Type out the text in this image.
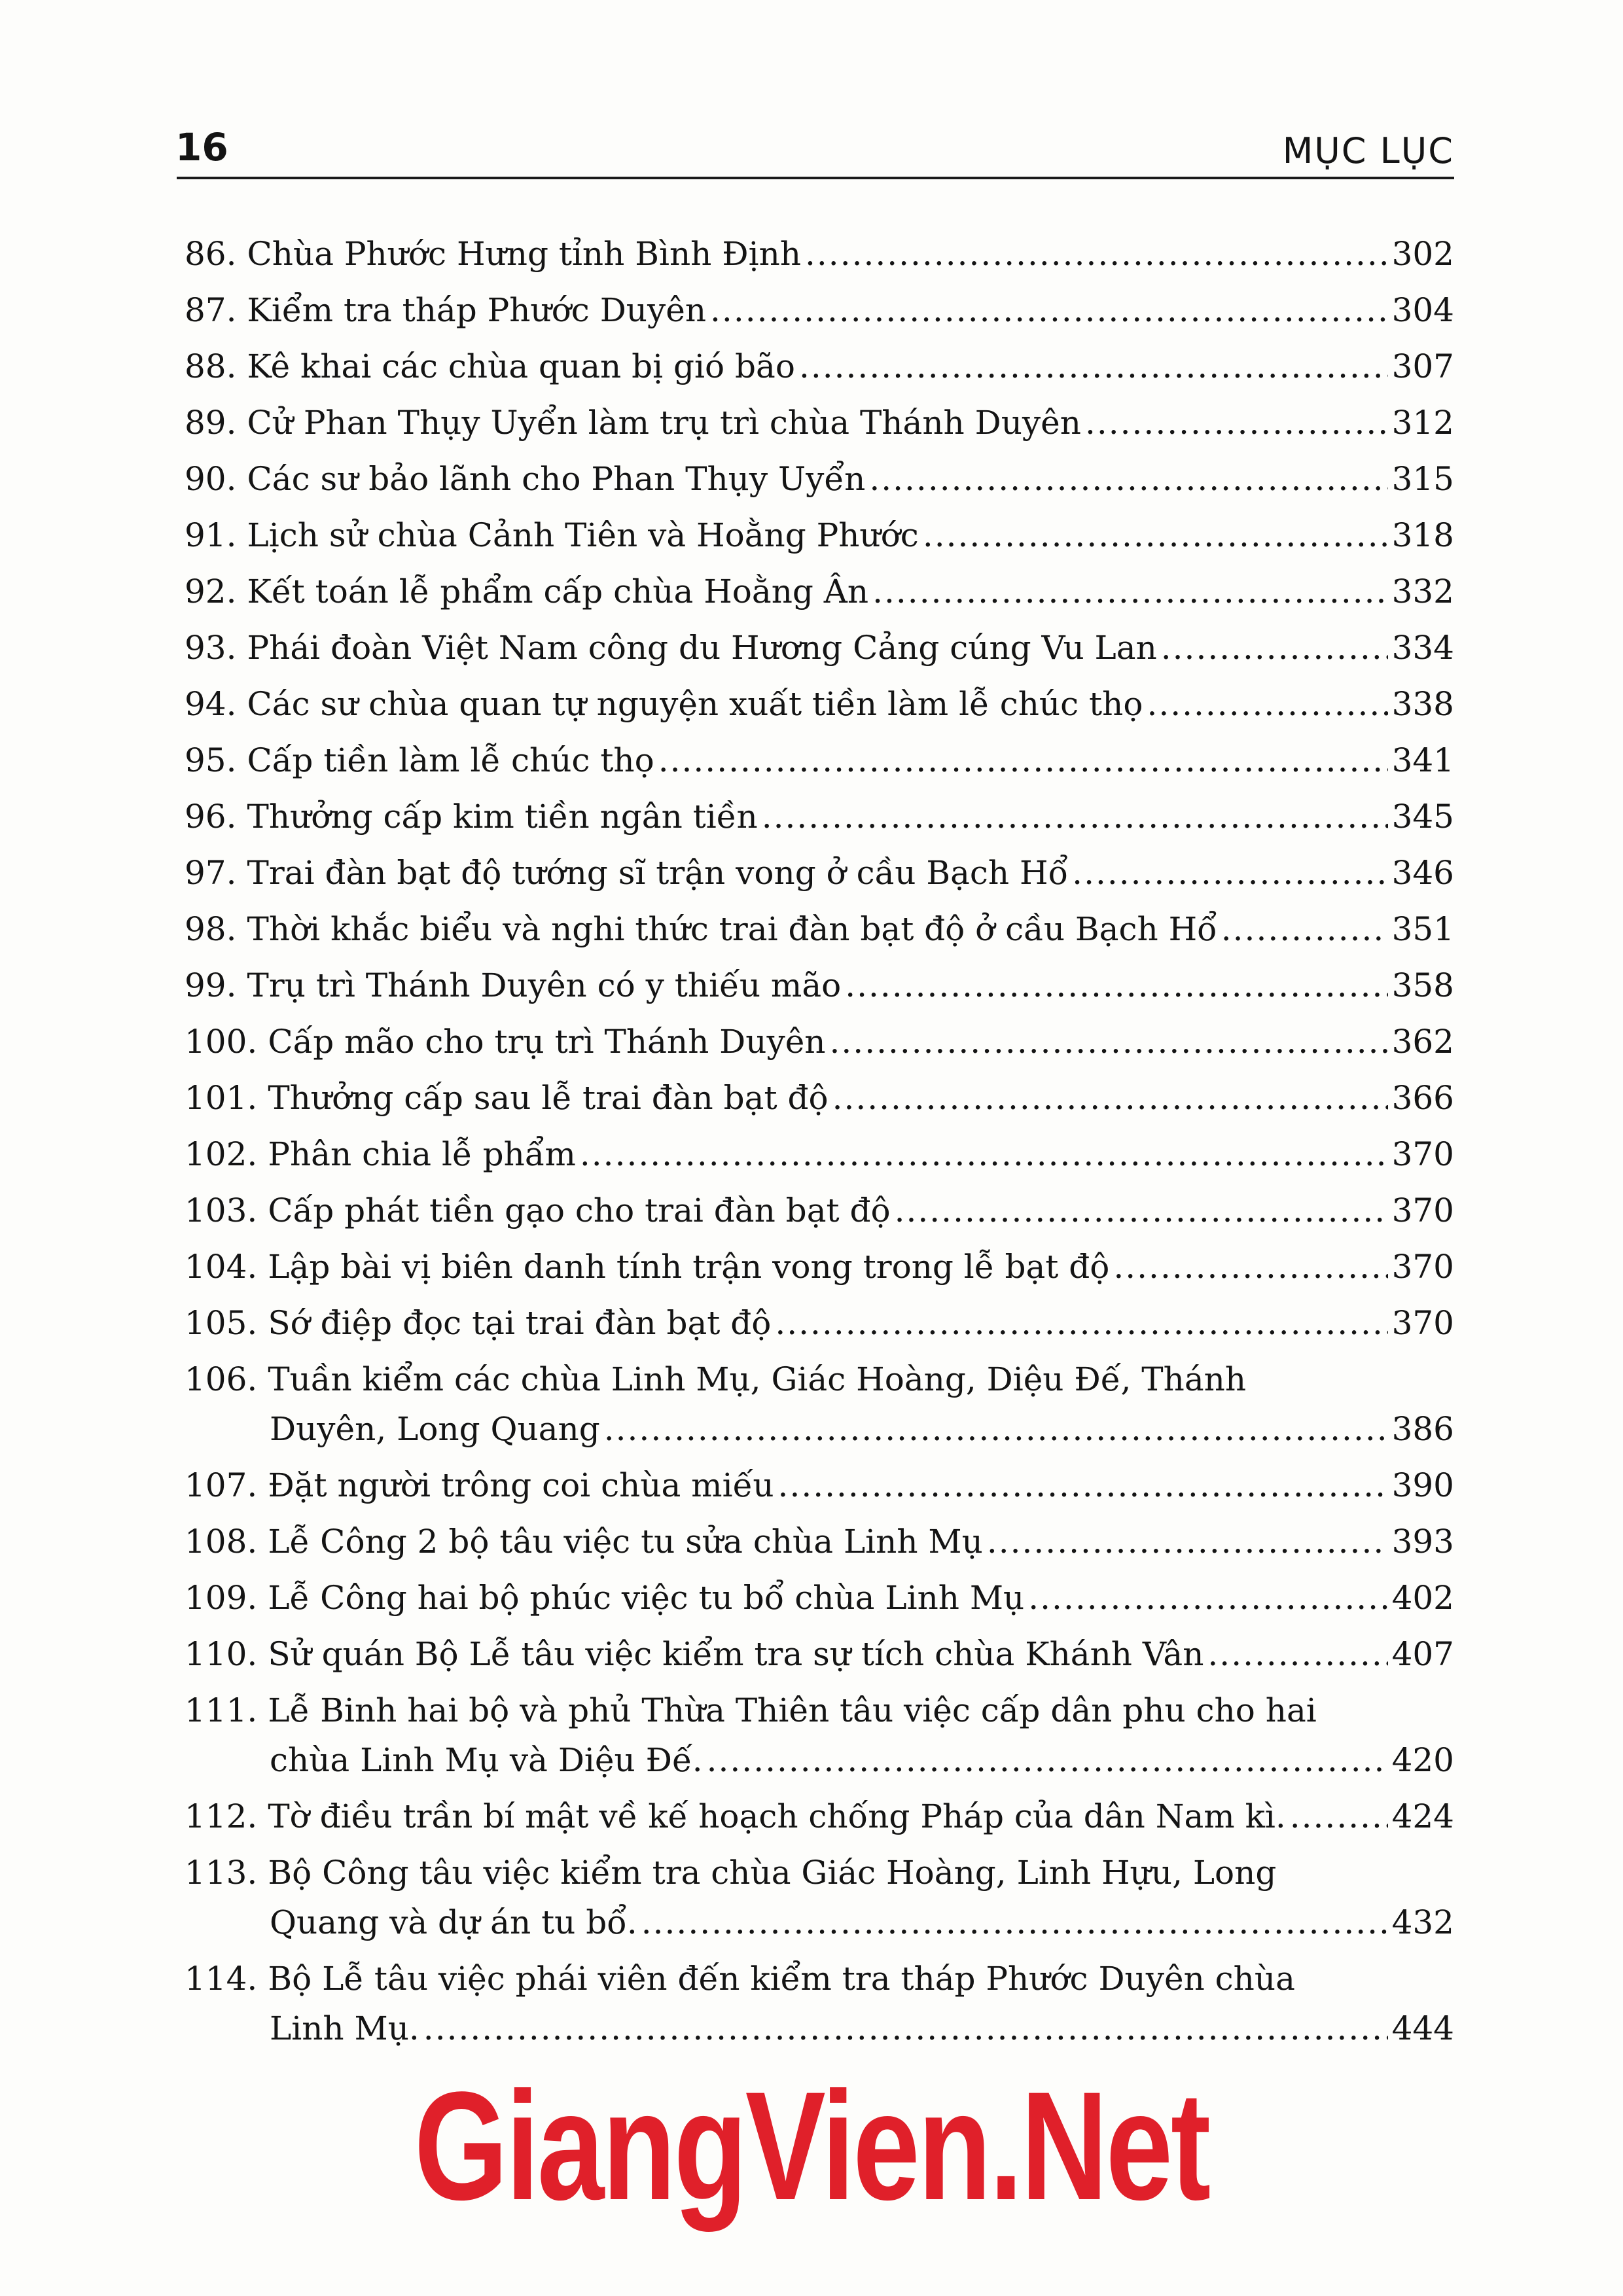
16	MỤC LỤC
86. Chùa Phước Hưng tỉnh Bình Định .....	302
87. Kiểm tra tháp Phước Duyên .....	304
88. Kê khai các chùa quan bị gió bão .....	307
89. Cử Phan Thụy Uyển làm trụ trì chùa Thánh Duyên .....	312
90. Các sư bảo lãnh cho Phan Thụy Uyển .....	315
91. Lịch sử chùa Cảnh Tiên và Hoằng Phước .....	318
92. Kết toán lễ phẩm cấp chùa Hoằng Ân .....	332
93. Phái đoàn Việt Nam công du Hương Cảng cúng Vu Lan .....	334
94. Các sư chùa quan tự nguyện xuất tiền làm lễ chúc thọ .....	338
95. Cấp tiền làm lễ chúc thọ .....	341
96. Thưởng cấp kim tiền ngân tiền .....	345
97. Trai đàn bạt độ tướng sĩ trận vong ở cầu Bạch Hổ .....	346
98. Thời khắc biểu và nghi thức trai đàn bạt độ ở cầu Bạch Hổ .....	351
99. Trụ trì Thánh Duyên có y thiếu mão .....	358
100. Cấp mão cho trụ trì Thánh Duyên .....	362
101. Thưởng cấp sau lễ trai đàn bạt độ .....	366
102. Phân chia lễ phẩm .....	370
103. Cấp phát tiền gạo cho trai đàn bạt độ .....	370
104. Lập bài vị biên danh tính trận vong trong lễ bạt độ .....	370
105. Sớ điệp đọc tại trai đàn bạt độ .....	370
106. Tuần kiểm các chùa Linh Mụ, Giác Hoàng, Diệu Đế, Thánh
Duyên, Long Quang .....	386
107. Đặt người trông coi chùa miếu .....	390
108. Lễ Công 2 bộ tâu việc tu sửa chùa Linh Mụ .....	393
109. Lễ Công hai bộ phúc việc tu bổ chùa Linh Mụ .....	402
110. Sử quán Bộ Lễ tâu việc kiểm tra sự tích chùa Khánh Vân .....	407
111. Lễ Binh hai bộ và phủ Thừa Thiên tâu việc cấp dân phu cho hai
chùa Linh Mụ và Diệu Đế. .....	420
112. Tờ điều trần bí mật về kế hoạch chống Pháp của dân Nam kì. .....	424
113. Bộ Công tâu việc kiểm tra chùa Giác Hoàng, Linh Hựu, Long
Quang và dự án tu bổ. .....	432
114. Bộ Lễ tâu việc phái viên đến kiểm tra tháp Phước Duyên chùa
Linh Mụ. .....	444
GiangVien.Net
